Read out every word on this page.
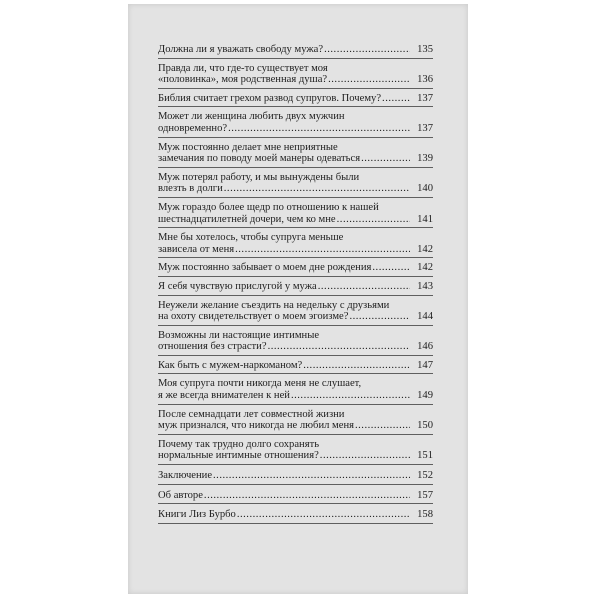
Должна ли я уважать свободу мужа? .....	135
Правда ли, что где-то существует моя
«половинка», моя родственная душа? .....	136
Библия считает грехом развод супругов. Почему? .....	137
Может ли женщина любить двух мужчин
одновременно? .....	137
Муж постоянно делает мне неприятные
замечания по поводу моей манеры одеваться .....	139
Муж потерял работу, и мы вынуждены были
влезть в долги .....	140
Муж гораздо более щедр по отношению к нашей
шестнадцатилетней дочери, чем ко мне .....	141
Мне бы хотелось, чтобы супруга меньше
зависела от меня .....	142
Муж постоянно забывает о моем дне рождения .....	142
Я себя чувствую прислугой у мужа .....	143
Неужели желание съездить на недельку с друзьями
на охоту свидетельствует о моем эгоизме? .....	144
Возможны ли настоящие интимные
отношения без страсти? .....	146
Как быть с мужем-наркоманом? .....	147
Моя супруга почти никогда меня не слушает,
я же всегда внимателен к ней .....	149
После семнадцати лет совместной жизни
муж признался, что никогда не любил меня .....	150
Почему так трудно долго сохранять
нормальные интимные отношения? .....	151
Заключение .....	152
Об авторе .....	157
Книги Лиз Бурбо .....	158
